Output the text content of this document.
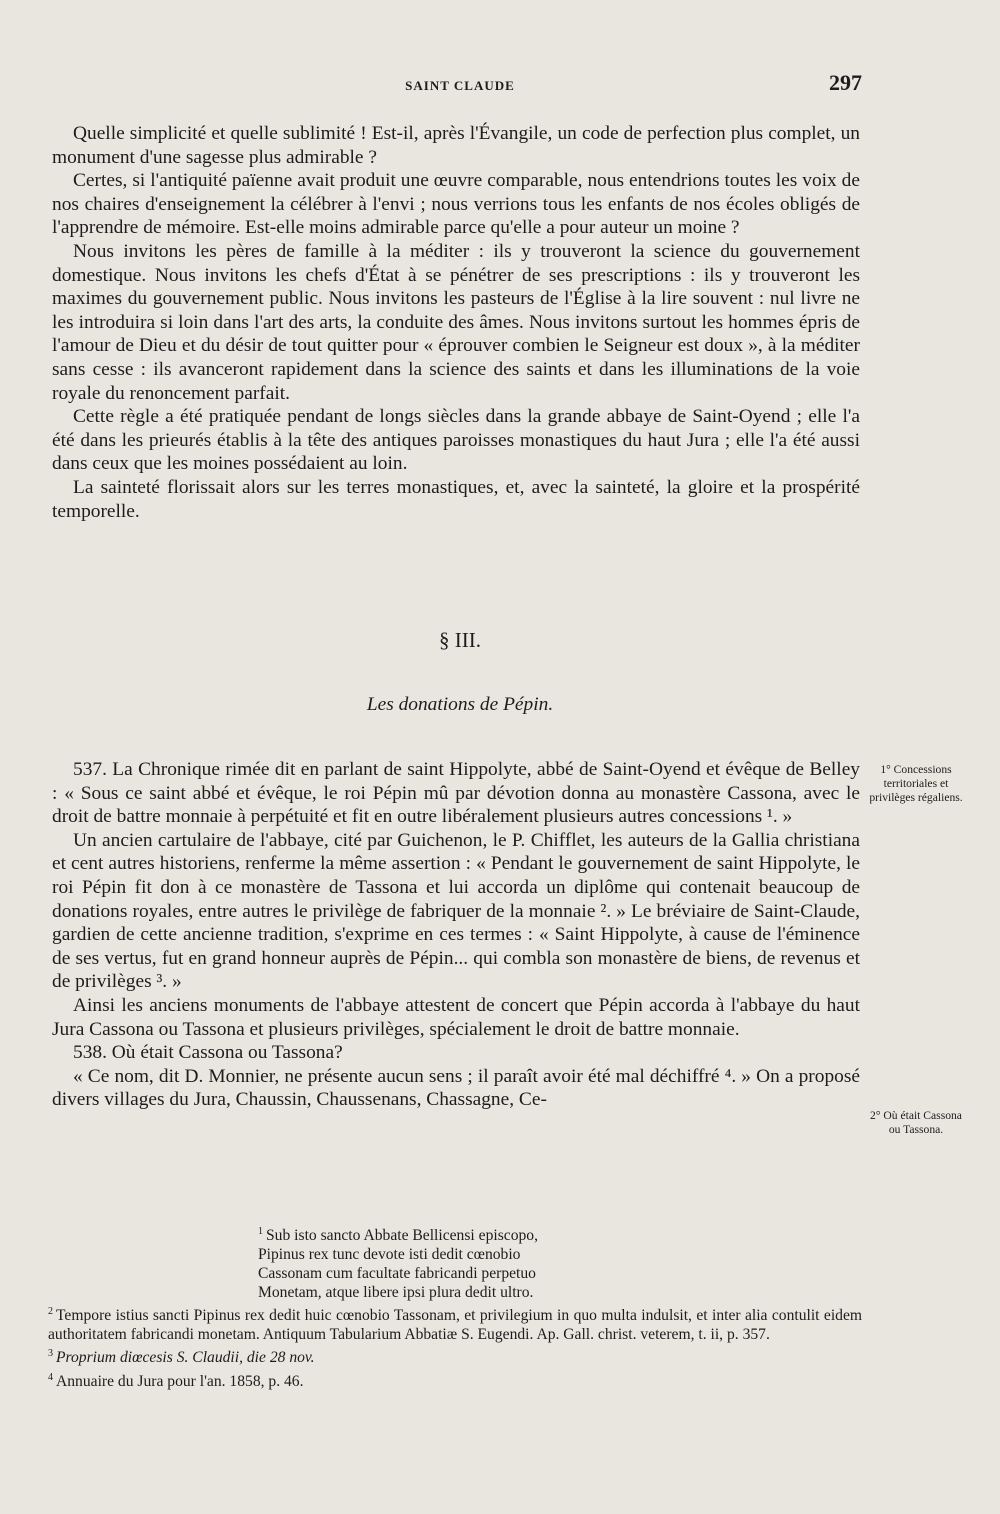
SAINT CLAUDE	297

Quelle simplicité et quelle sublimité ! Est-il, après l'Évangile, un code de perfection plus complet, un monument d'une sagesse plus admirable ?

Certes, si l'antiquité païenne avait produit une œuvre comparable, nous entendrions toutes les voix de nos chaires d'enseignement la célébrer à l'envi ; nous verrions tous les enfants de nos écoles obligés de l'apprendre de mémoire. Est-elle moins admirable parce qu'elle a pour auteur un moine ?

Nous invitons les pères de famille à la méditer : ils y trouveront la science du gouvernement domestique. Nous invitons les chefs d'État à se pénétrer de ses prescriptions : ils y trouveront les maximes du gouvernement public. Nous invitons les pasteurs de l'Église à la lire souvent : nul livre ne les introduira si loin dans l'art des arts, la conduite des âmes. Nous invitons surtout les hommes épris de l'amour de Dieu et du désir de tout quitter pour « éprouver combien le Seigneur est doux », à la méditer sans cesse : ils avanceront rapidement dans la science des saints et dans les illuminations de la voie royale du renoncement parfait.

Cette règle a été pratiquée pendant de longs siècles dans la grande abbaye de Saint-Oyend ; elle l'a été dans les prieurés établis à la tête des antiques paroisses monastiques du haut Jura ; elle l'a été aussi dans ceux que les moines possédaient au loin.

La sainteté florissait alors sur les terres monastiques, et, avec la sainteté, la gloire et la prospérité temporelle.

§ III.
Les donations de Pépin.

537. La Chronique rimée dit en parlant de saint Hippolyte, abbé de Saint-Oyend et évêque de Belley : « Sous ce saint abbé et évêque, le roi Pépin mû par dévotion donna au monastère Cassona, avec le droit de battre monnaie à perpétuité et fit en outre libéralement plusieurs autres concessions ¹. »

Un ancien cartulaire de l'abbaye, cité par Guichenon, le P. Chifflet, les auteurs de la Gallia christiana et cent autres historiens, renferme la même assertion : « Pendant le gouvernement de saint Hippolyte, le roi Pépin fit don à ce monastère de Tassona et lui accorda un diplôme qui contenait beaucoup de donations royales, entre autres le privilège de fabriquer de la monnaie ². » Le bréviaire de Saint-Claude, gardien de cette ancienne tradition, s'exprime en ces termes : « Saint Hippolyte, à cause de l'éminence de ses vertus, fut en grand honneur auprès de Pépin... qui combla son monastère de biens, de revenus et de privilèges ³. »

Ainsi les anciens monuments de l'abbaye attestent de concert que Pépin accorda à l'abbaye du haut Jura Cassona ou Tassona et plusieurs privilèges, spécialement le droit de battre monnaie.

538. Où était Cassona ou Tassona?

« Ce nom, dit D. Monnier, ne présente aucun sens ; il paraît avoir été mal déchiffré ⁴. » On a proposé divers villages du Jura, Chaussin, Chaussenans, Chassagne, Ce-

1° Concessions territoriales et privilèges régaliens.
2° Où était Cassona ou Tassona.
$^1$ Sub isto sancto Abbate Bellicensi episcopo,
Pipinus rex tunc devote isti dedit cœnobio
Cassonam cum facultate fabricandi perpetuo
Monetam, atque libere ipsi plura dedit ultro.

$^2$ Tempore istius sancti Pipinus rex dedit huic cœnobio Tassonam, et privilegium in quo multa indulsit, et inter alia contulit eidem authoritatem fabricandi monetam. Antiquum Tabularium Abbatiæ S. Eugendi. Ap. Gall. christ. veterem, t. ii, p. 357.

$^3$ Proprium diœcesis S. Claudii, die 28 nov.

$^4$ Annuaire du Jura pour l'an. 1858, p. 46.
